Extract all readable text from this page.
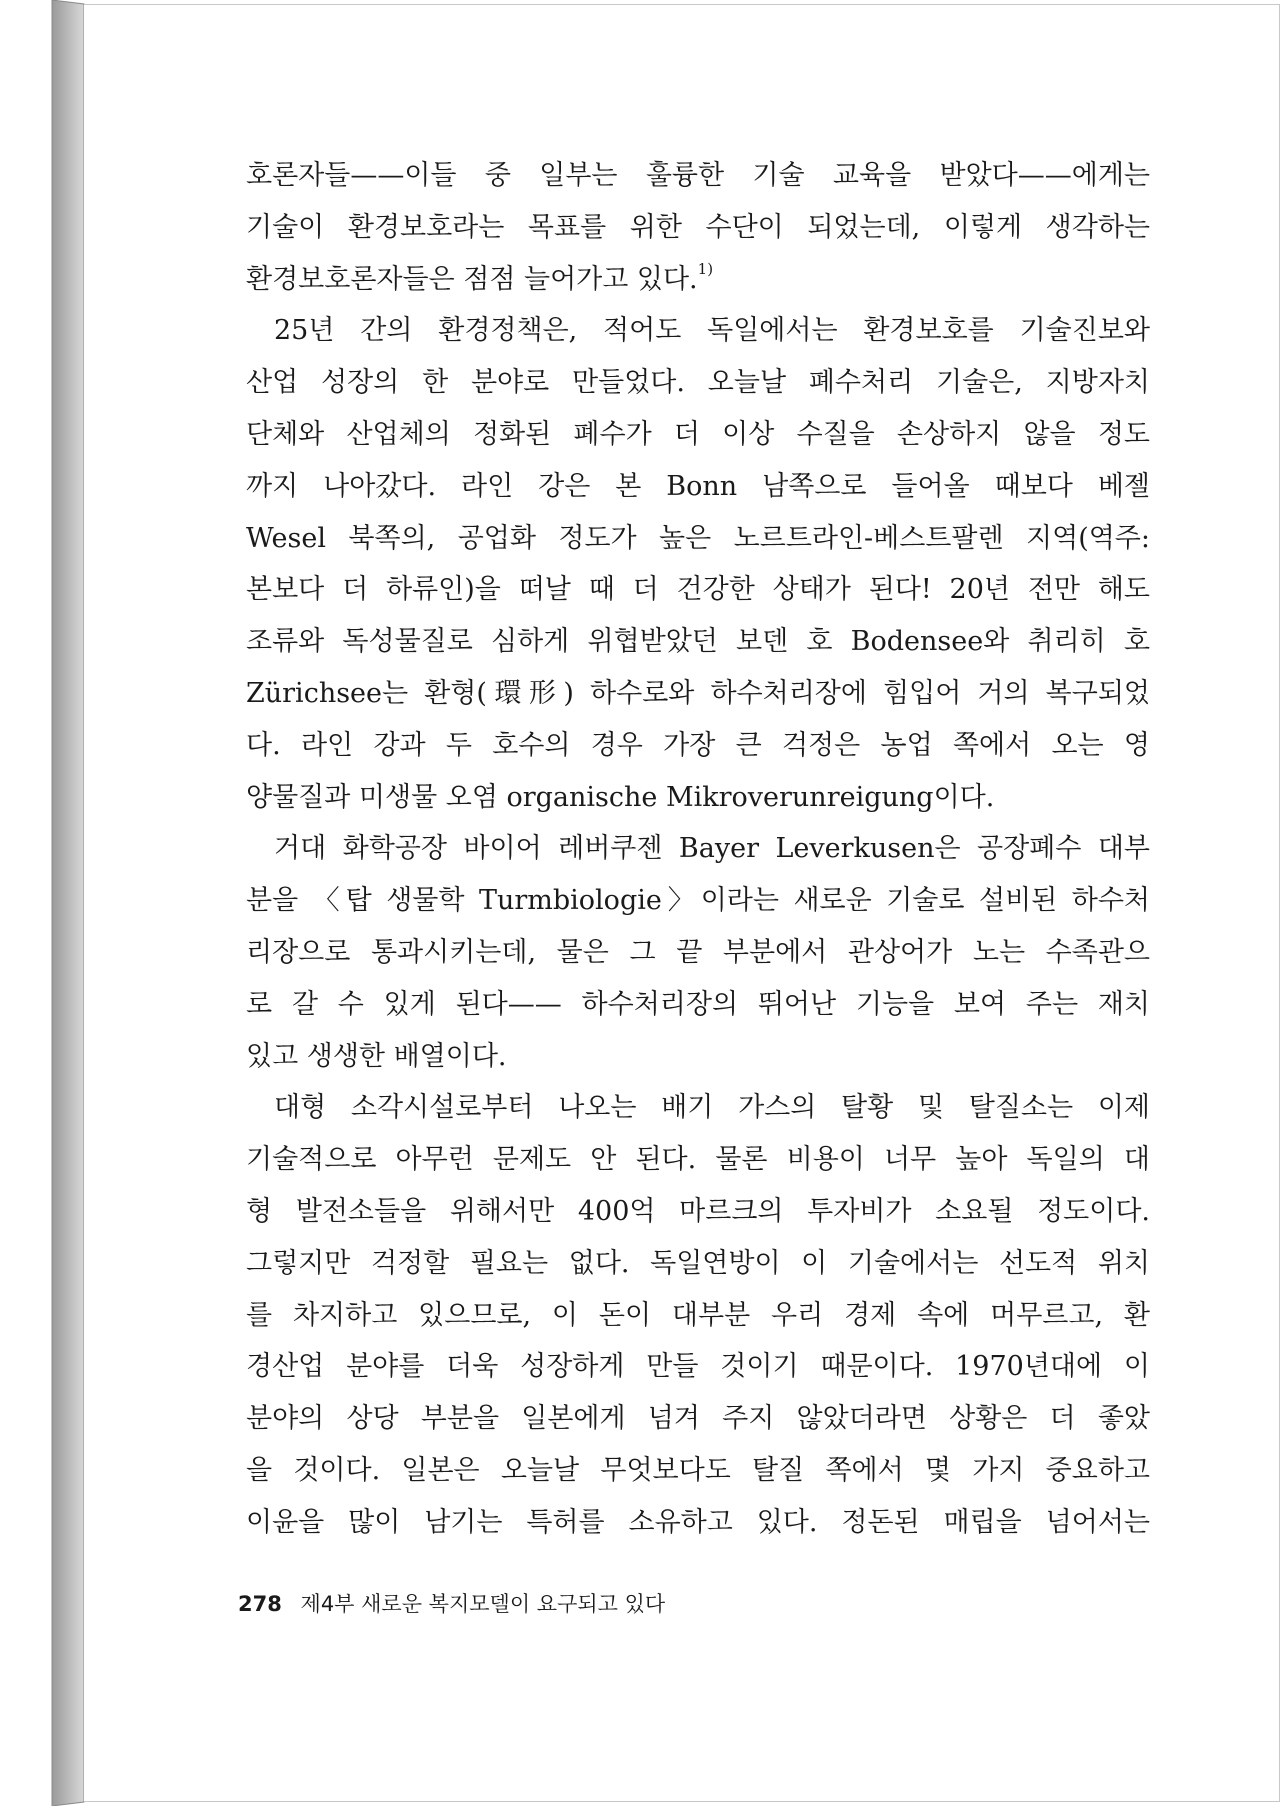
호론자들——이들 중 일부는 훌륭한 기술 교육을 받았다——에게는
기술이 환경보호라는 목표를 위한 수단이 되었는데, 이렇게 생각하는
환경보호론자들은 점점 늘어가고 있다.$^{1)}$
25년 간의 환경정책은, 적어도 독일에서는 환경보호를 기술진보와
산업 성장의 한 분야로 만들었다. 오늘날 폐수처리 기술은, 지방자치
단체와 산업체의 정화된 폐수가 더 이상 수질을 손상하지 않을 정도
까지 나아갔다. 라인 강은 본 Bonn 남쪽으로 들어올 때보다 베젤
Wesel 북쪽의, 공업화 정도가 높은 노르트라인-베스트팔렌 지역(역주:
본보다 더 하류인)을 떠날 때 더 건강한 상태가 된다! 20년 전만 해도
조류와 독성물질로 심하게 위협받았던 보덴 호 Bodensee와 취리히 호
Zürichsee는 환형(環形) 하수로와 하수처리장에 힘입어 거의 복구되었
다. 라인 강과 두 호수의 경우 가장 큰 걱정은 농업 쪽에서 오는 영
양물질과 미생물 오염 organische Mikroverunreigung이다.
거대 화학공장 바이어 레버쿠젠 Bayer Leverkusen은 공장폐수 대부
분을 〈탑 생물학 Turmbiologie〉이라는 새로운 기술로 설비된 하수처
리장으로 통과시키는데, 물은 그 끝 부분에서 관상어가 노는 수족관으
로 갈 수 있게 된다—— 하수처리장의 뛰어난 기능을 보여 주는 재치
있고 생생한 배열이다.
대형 소각시설로부터 나오는 배기 가스의 탈황 및 탈질소는 이제
기술적으로 아무런 문제도 안 된다. 물론 비용이 너무 높아 독일의 대
형 발전소들을 위해서만 400억 마르크의 투자비가 소요될 정도이다.
그렇지만 걱정할 필요는 없다. 독일연방이 이 기술에서는 선도적 위치
를 차지하고 있으므로, 이 돈이 대부분 우리 경제 속에 머무르고, 환
경산업 분야를 더욱 성장하게 만들 것이기 때문이다. 1970년대에 이
분야의 상당 부분을 일본에게 넘겨 주지 않았더라면 상황은 더 좋았
을 것이다. 일본은 오늘날 무엇보다도 탈질 쪽에서 몇 가지 중요하고
이윤을 많이 남기는 특허를 소유하고 있다. 정돈된 매립을 넘어서는
278 제4부 새로운 복지모델이 요구되고 있다
